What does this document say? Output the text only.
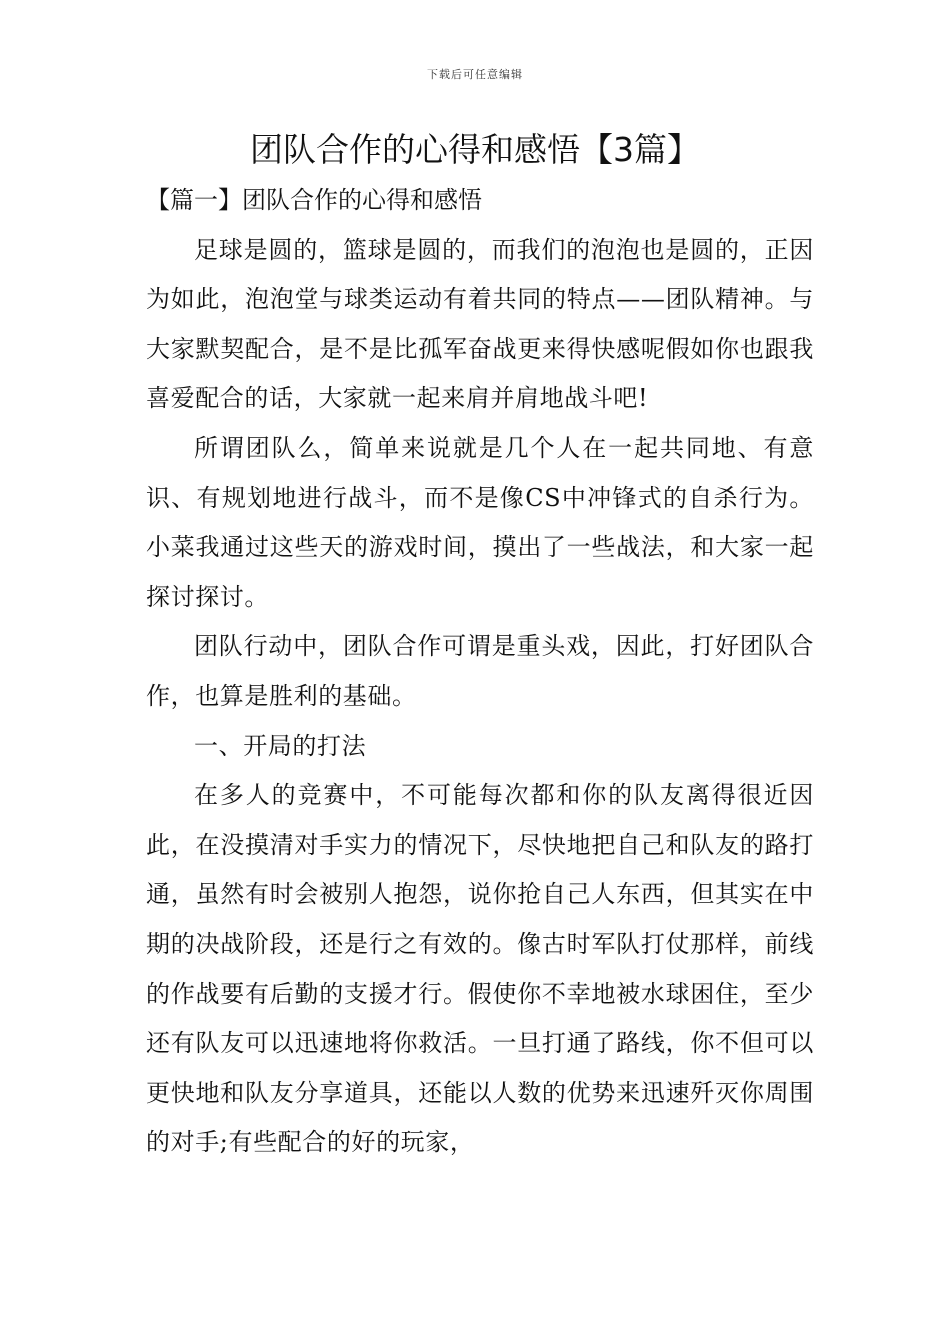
下载后可任意编辑
团队合作的心得和感悟【3篇】

【篇一】团队合作的心得和感悟

足球是圆的，篮球是圆的，而我们的泡泡也是圆的，正因为如此，泡泡堂与球类运动有着共同的特点——团队精神。与大家默契配合，是不是比孤军奋战更来得快感呢假如你也跟我喜爱配合的话，大家就一起来肩并肩地战斗吧!

所谓团队么，简单来说就是几个人在一起共同地、有意识、有规划地进行战斗，而不是像CS中冲锋式的自杀行为。小菜我通过这些天的游戏时间，摸出了一些战法，和大家一起探讨探讨。

团队行动中，团队合作可谓是重头戏，因此，打好团队合作，也算是胜利的基础。

一、开局的打法

在多人的竞赛中，不可能每次都和你的队友离得很近因此，在没摸清对手实力的情况下，尽快地把自己和队友的路打通，虽然有时会被别人抱怨，说你抢自己人东西，但其实在中期的决战阶段，还是行之有效的。像古时军队打仗那样，前线的作战要有后勤的支援才行。假使你不幸地被水球困住，至少还有队友可以迅速地将你救活。一旦打通了路线，你不但可以更快地和队友分享道具，还能以人数的优势来迅速歼灭你周围的对手;有些配合的好的玩家，
